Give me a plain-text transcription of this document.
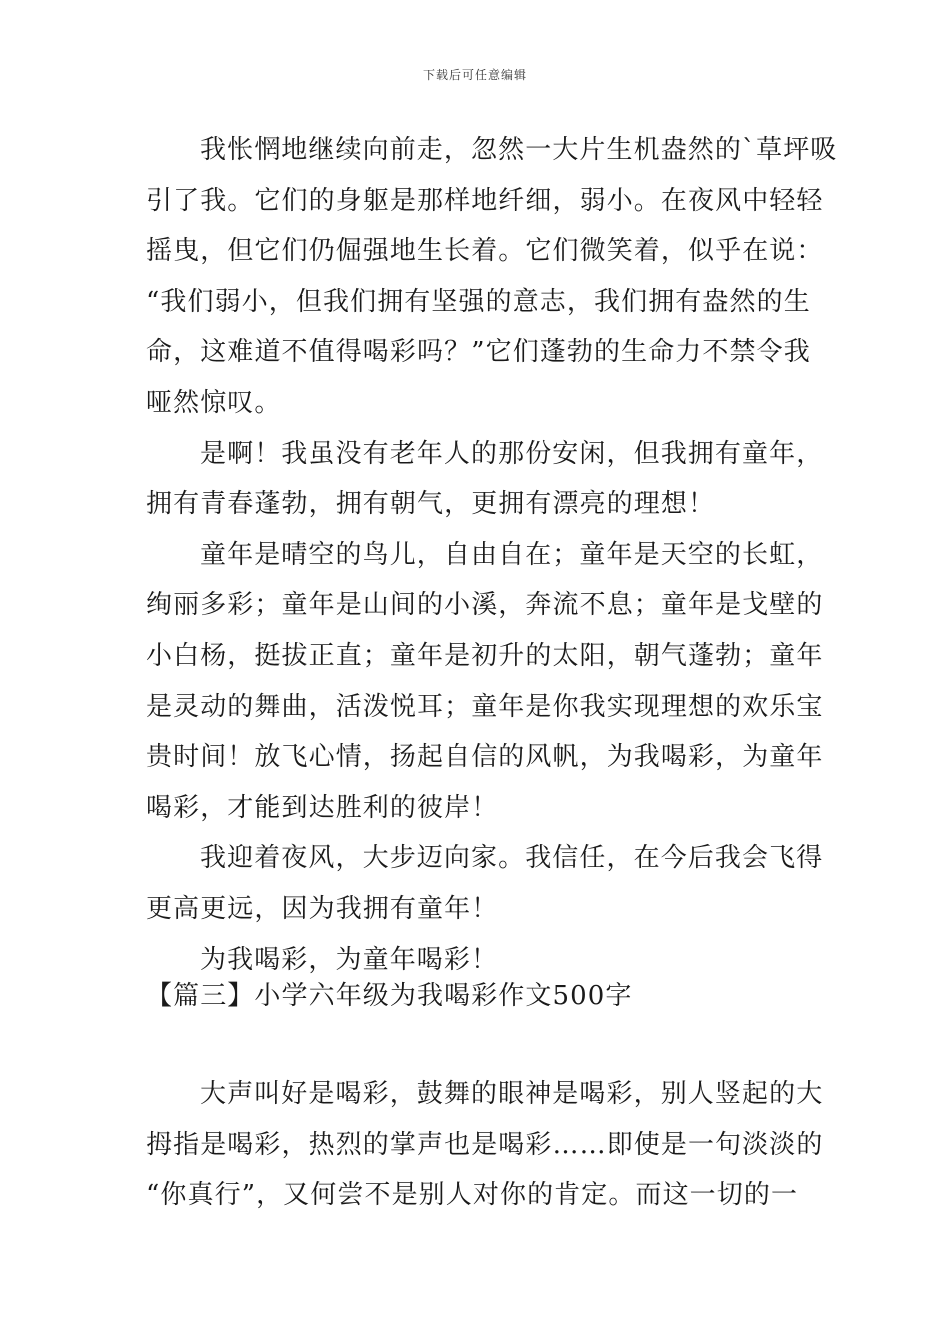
下载后可任意编辑
我怅惘地继续向前走，忽然一大片生机盎然的`草坪吸
引了我。它们的身躯是那样地纤细，弱小。在夜风中轻轻
摇曳，但它们仍倔强地生长着。它们微笑着，似乎在说：
“我们弱小，但我们拥有坚强的意志，我们拥有盎然的生
命，这难道不值得喝彩吗？”它们蓬勃的生命力不禁令我
哑然惊叹。
是啊！我虽没有老年人的那份安闲，但我拥有童年，
拥有青春蓬勃，拥有朝气，更拥有漂亮的理想！
童年是晴空的鸟儿，自由自在；童年是天空的长虹，
绚丽多彩；童年是山间的小溪，奔流不息；童年是戈壁的
小白杨，挺拔正直；童年是初升的太阳，朝气蓬勃；童年
是灵动的舞曲，活泼悦耳；童年是你我实现理想的欢乐宝
贵时间！放飞心情，扬起自信的风帆，为我喝彩，为童年
喝彩，才能到达胜利的彼岸！
我迎着夜风，大步迈向家。我信任，在今后我会飞得
更高更远，因为我拥有童年！
为我喝彩，为童年喝彩！
【篇三】小学六年级为我喝彩作文500字
大声叫好是喝彩，鼓舞的眼神是喝彩，别人竖起的大
拇指是喝彩，热烈的掌声也是喝彩……即使是一句淡淡的
“你真行”，又何尝不是别人对你的肯定。而这一切的一
